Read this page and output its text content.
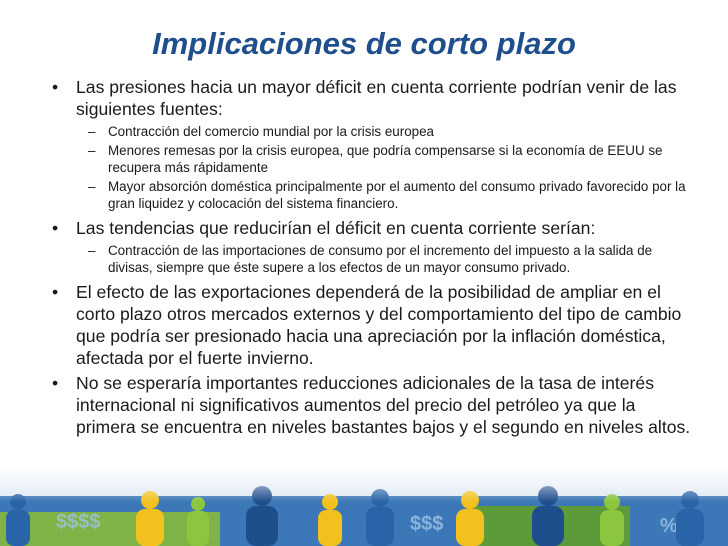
Implicaciones de corto plazo
• Las presiones hacia un mayor déficit en cuenta corriente podrían venir de las siguientes fuentes:
– Contracción del comercio mundial por la crisis europea
– Menores remesas por la crisis europea, que podría compensarse si la economía de EEUU se recupera más rápidamente
– Mayor absorción doméstica principalmente por el aumento del consumo privado favorecido por la gran liquidez y colocación del sistema financiero.
• Las tendencias que reducirían el déficit en cuenta corriente serían:
– Contracción de las importaciones de consumo por el incremento del impuesto a la salida de divisas, siempre que éste supere a los efectos de un mayor consumo privado.
• El efecto de las exportaciones dependerá de la posibilidad de ampliar en el corto plazo otros mercados externos y del comportamiento del tipo de cambio que podría ser presionado hacia una apreciación por la inflación doméstica, afectada por el fuerte invierno.
• No se esperaría importantes reducciones adicionales de la tasa de interés internacional ni significativos aumentos del precio del petróleo ya que la primera se encuentra en niveles bastantes bajos y el segundo en niveles altos.
